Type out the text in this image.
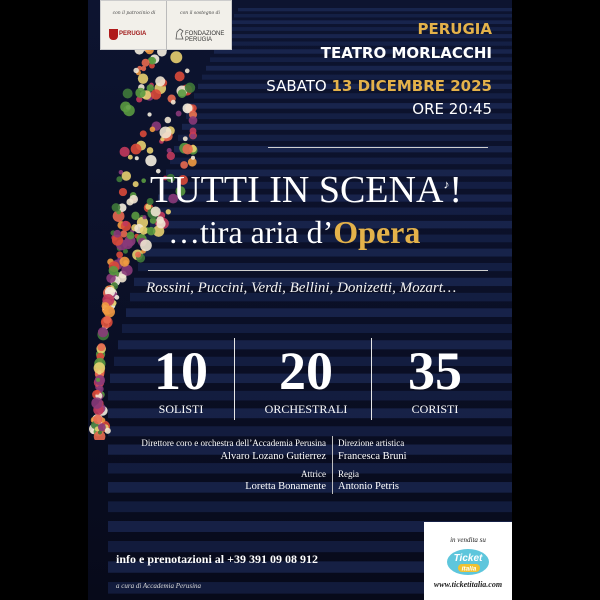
con il patrocinio di
PERUGIA
con il sostegno di
FONDAZIONE
PERUGIA
PERUGIA
TEATRO MORLACCHI
SABATO 13 DICEMBRE 2025
ORE 20:45
TUTTI IN SCENA♪!
…tira aria d’Opera
Rossini, Puccini, Verdi, Bellini, Donizetti, Mozart…
10
SOLISTI
20
ORCHESTRALI
35
CORISTI
Direttore coro e orchestra dell’Accademia Perusina
Alvaro Lozano Gutierrez
Attrice
Loretta Bonamente
Direzione artistica
Francesca Bruni
Regia
Antonio Petris
info e prenotazioni al +39 391 09 08 912
a cura di Accademia Perusina
in vendita su
Ticket
italia
www.ticketitalia.com
